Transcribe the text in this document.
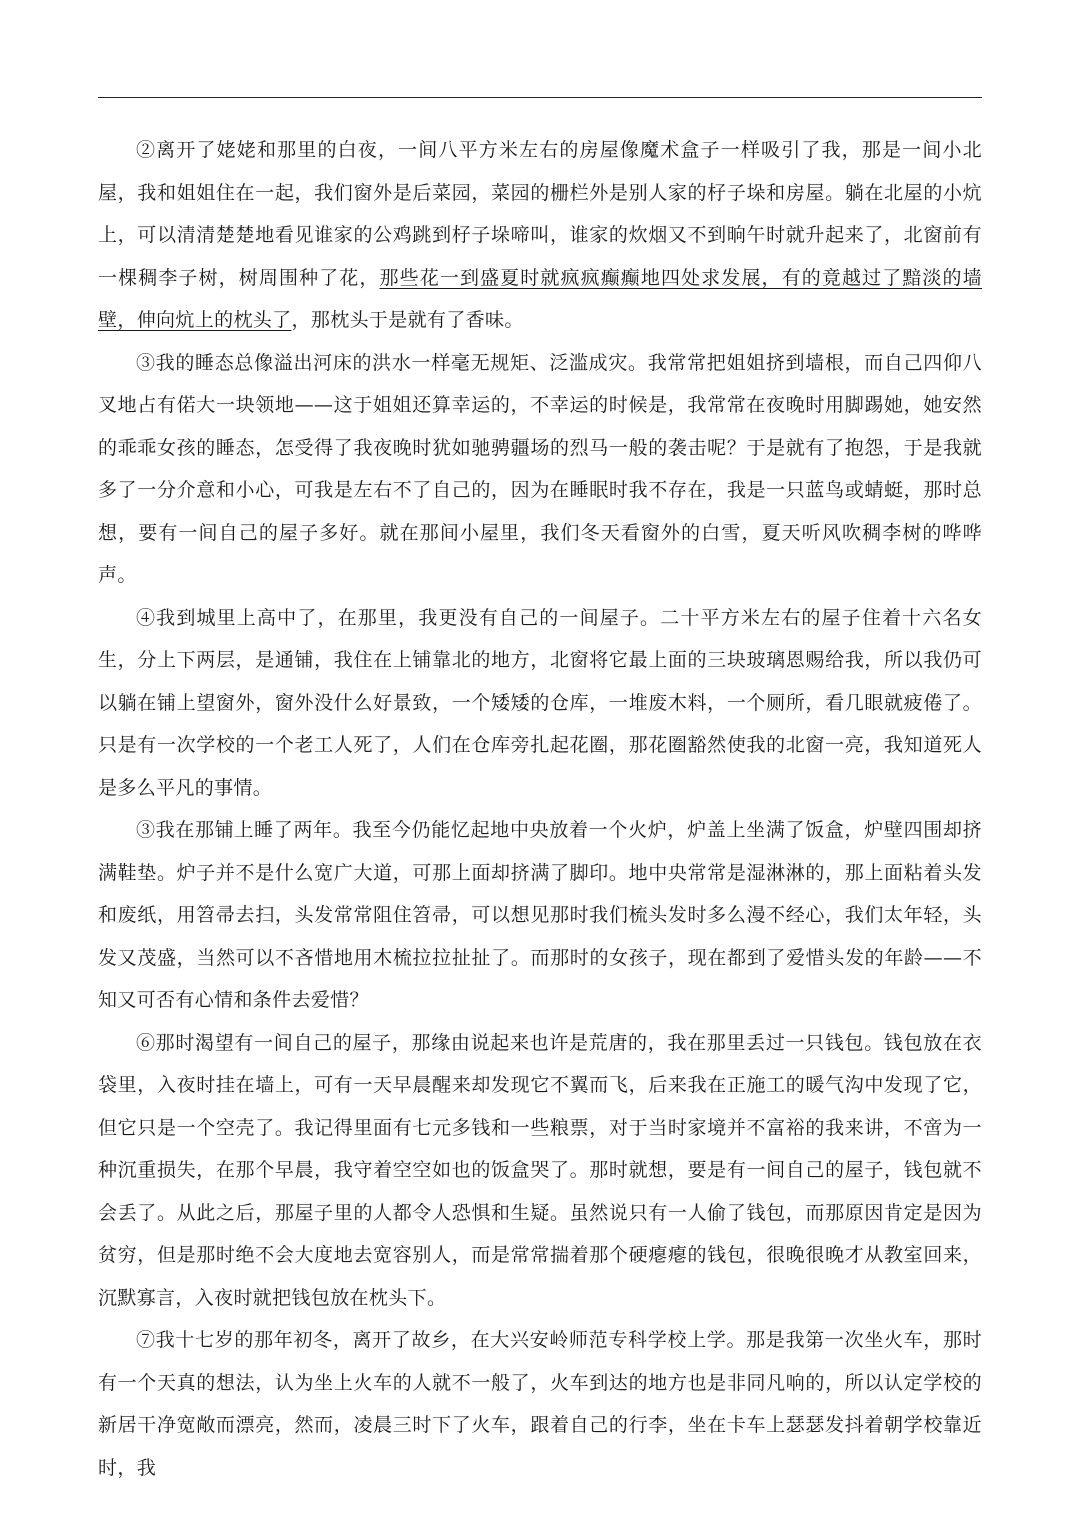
②离开了姥姥和那里的白夜，一间八平方米左右的房屋像魔术盒子一样吸引了我，那是一间小北屋，我和姐姐住在一起，我们窗外是后菜园，菜园的栅栏外是别人家的杍子垛和房屋。躺在北屋的小炕上，可以清清楚楚地看见谁家的公鸡跳到杍子垛啼叫，谁家的炊烟又不到晌午时就升起来了，北窗前有一棵稠李子树，树周围种了花，那些花一到盛夏时就疯疯癫癫地四处求发展，有的竟越过了黯淡的墙壁，伸向炕上的枕头了，那枕头于是就有了香味。

③我的睡态总像溢出河床的洪水一样毫无规矩、泛滥成灾。我常常把姐姐挤到墙根，而自己四仰八叉地占有偌大一块领地——这于姐姐还算幸运的，不幸运的时候是，我常常在夜晚时用脚踢她，她安然的乖乖女孩的睡态，怎受得了我夜晚时犹如驰骋疆场的烈马一般的袭击呢？于是就有了抱怨，于是我就多了一分介意和小心，可我是左右不了自己的，因为在睡眠时我不存在，我是一只蓝鸟或蜻蜓，那时总想，要有一间自己的屋子多好。就在那间小屋里，我们冬天看窗外的白雪，夏天听风吹稠李树的哗哗声。

④我到城里上高中了，在那里，我更没有自己的一间屋子。二十平方米左右的屋子住着十六名女生，分上下两层，是通铺，我住在上铺靠北的地方，北窗将它最上面的三块玻璃恩赐给我，所以我仍可以躺在铺上望窗外，窗外没什么好景致，一个矮矮的仓库，一堆废木料，一个厕所，看几眼就疲倦了。只是有一次学校的一个老工人死了，人们在仓库旁扎起花圈，那花圈豁然使我的北窗一亮，我知道死人是多么平凡的事情。

③我在那铺上睡了两年。我至今仍能忆起地中央放着一个火炉，炉盖上坐满了饭盒，炉壁四围却挤满鞋垫。炉子并不是什么宽广大道，可那上面却挤满了脚印。地中央常常是湿淋淋的，那上面粘着头发和废纸，用笤帚去扫，头发常常阻住笤帚，可以想见那时我们梳头发时多么漫不经心，我们太年轻，头发又茂盛，当然可以不吝惜地用木梳拉拉扯扯了。而那时的女孩子，现在都到了爱惜头发的年龄——不知又可否有心情和条件去爱惜？

⑥那时渴望有一间自己的屋子，那缘由说起来也许是荒唐的，我在那里丢过一只钱包。钱包放在衣袋里，入夜时挂在墙上，可有一天早晨醒来却发现它不翼而飞，后来我在正施工的暖气沟中发现了它，但它只是一个空壳了。我记得里面有七元多钱和一些粮票，对于当时家境并不富裕的我来讲，不啻为一种沉重损失，在那个早晨，我守着空空如也的饭盒哭了。那时就想，要是有一间自己的屋子，钱包就不会丢了。从此之后，那屋子里的人都令人恐惧和生疑。虽然说只有一人偷了钱包，而那原因肯定是因为贫穷，但是那时绝不会大度地去宽容别人，而是常常揣着那个硬瘪瘪的钱包，很晚很晚才从教室回来，沉默寡言，入夜时就把钱包放在枕头下。

⑦我十七岁的那年初冬，离开了故乡，在大兴安岭师范专科学校上学。那是我第一次坐火车，那时有一个天真的想法，认为坐上火车的人就不一般了，火车到达的地方也是非同凡响的，所以认定学校的新居干净宽敞而漂亮，然而，凌晨三时下了火车，跟着自己的行李，坐在卡车上瑟瑟发抖着朝学校靠近时，我
